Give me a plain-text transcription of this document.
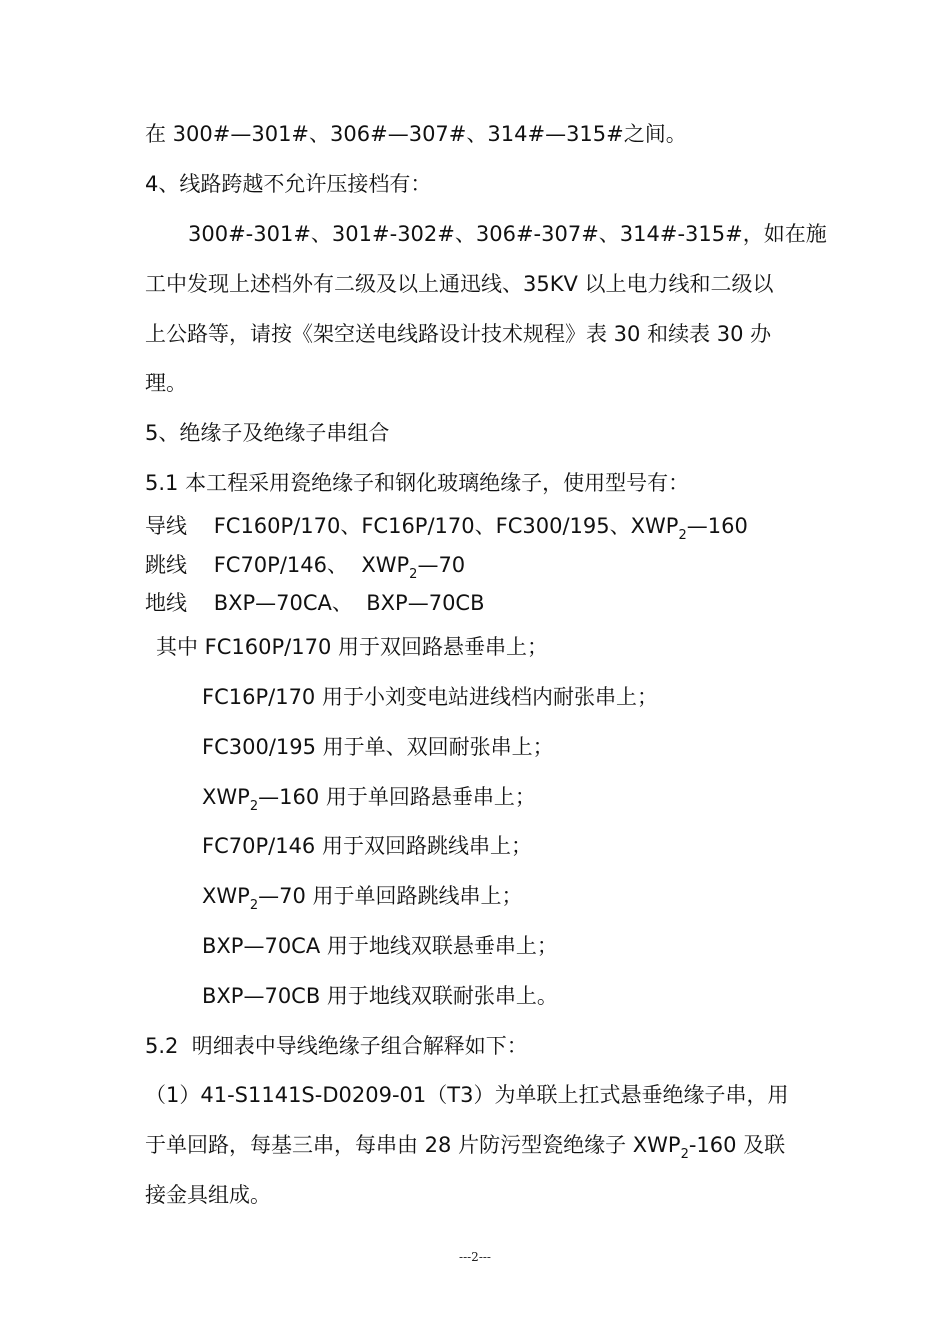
在 300#—301#、306#—307#、314#—315#之间。
4、线路跨越不允许压接档有：
300#-301#、301#-302#、306#-307#、314#-315#，如在施
工中发现上述档外有二级及以上通迅线、35KV 以上电力线和二级以
上公路等，请按《架空送电线路设计技术规程》表 30 和续表 30 办
理。
5、绝缘子及绝缘子串组合
5.1 本工程采用瓷绝缘子和钢化玻璃绝缘子，使用型号有：
导线    FC160P/170、FC16P/170、FC300/195、$XWP_2—160$
跳线    FC70P/146、  $XWP_2—70$
地线    BXP—70CA、  BXP—70CB
其中 FC160P/170 用于双回路悬垂串上；
FC16P/170 用于小刘变电站进线档内耐张串上；
FC300/195 用于单、双回耐张串上；
$XWP_2—160$ 用于单回路悬垂串上；
FC70P/146 用于双回路跳线串上；
$XWP_2—70$ 用于单回路跳线串上；
BXP—70CA 用于地线双联悬垂串上；
BXP—70CB 用于地线双联耐张串上。
5.2  明细表中导线绝缘子组合解释如下：
（1）41-S1141S-D0209-01（T3）为单联上扛式悬垂绝缘子串，用
于单回路，每基三串，每串由 28 片防污型瓷绝缘子 $XWP_2-160$ 及联
接金具组成。
---2---
